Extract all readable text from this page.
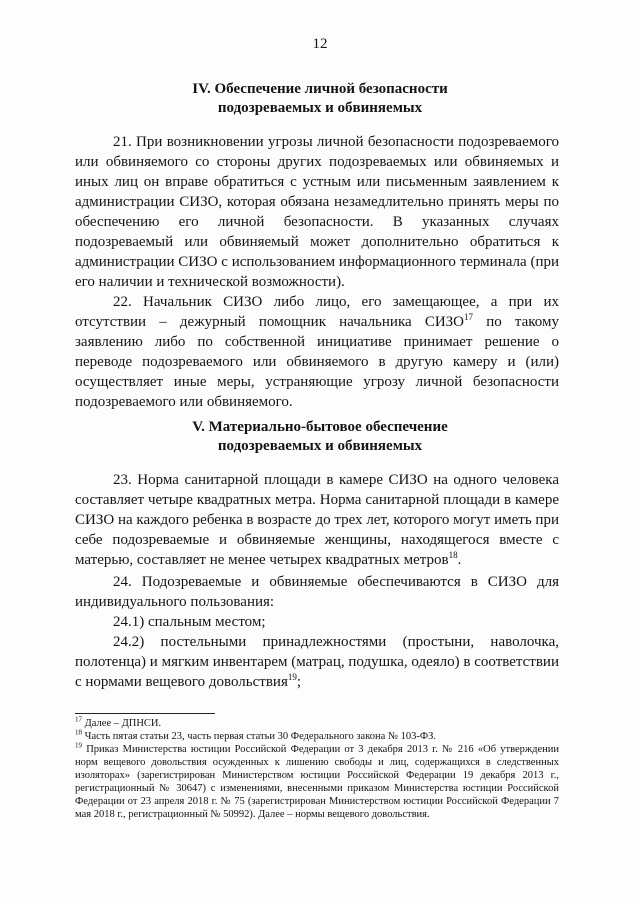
12
IV. Обеспечение личной безопасности
подозреваемых и обвиняемых

21. При возникновении угрозы личной безопасности подозреваемого или обвиняемого со стороны других подозреваемых или обвиняемых и иных лиц он вправе обратиться с устным или письменным заявлением к администрации СИЗО, которая обязана незамедлительно принять меры по обеспечению его личной безопасности. В указанных случаях подозреваемый или обвиняемый может дополнительно обратиться к администрации СИЗО с использованием информационного терминала (при его наличии и технической возможности).

22. Начальник СИЗО либо лицо, его замещающее, а при их отсутствии – дежурный помощник начальника СИЗО$^{17}$ по такому заявлению либо по собственной инициативе принимает решение о переводе подозреваемого или обвиняемого в другую камеру и (или) осуществляет иные меры, устраняющие угрозу личной безопасности подозреваемого или обвиняемого.

V. Материально-бытовое обеспечение
подозреваемых и обвиняемых

23. Норма санитарной площади в камере СИЗО на одного человека составляет четыре квадратных метра. Норма санитарной площади в камере СИЗО на каждого ребенка в возрасте до трех лет, которого могут иметь при себе подозреваемые и обвиняемые женщины, находящегося вместе с матерью, составляет не менее четырех квадратных метров$^{18}$.

24. Подозреваемые и обвиняемые обеспечиваются в СИЗО для индивидуального пользования:

24.1) спальным местом;

24.2) постельными принадлежностями (простыни, наволочка, полотенца) и мягким инвентарем (матрац, подушка, одеяло) в соответствии с нормами вещевого довольствия$^{19}$;

$^{17}$ Далее – ДПНСИ.

$^{18}$ Часть пятая статьи 23, часть первая статьи 30 Федерального закона № 103-ФЗ.

$^{19}$ Приказ Министерства юстиции Российской Федерации от 3 декабря 2013 г. № 216 «Об утверждении норм вещевого довольствия осужденных к лишению свободы и лиц, содержащихся в следственных изоляторах» (зарегистрирован Министерством юстиции Российской Федерации 19 декабря 2013 г., регистрационный № 30647) с изменениями, внесенными приказом Министерства юстиции Российской Федерации от 23 апреля 2018 г. № 75 (зарегистрирован Министерством юстиции Российской Федерации 7 мая 2018 г., регистрационный № 50992). Далее – нормы вещевого довольствия.
